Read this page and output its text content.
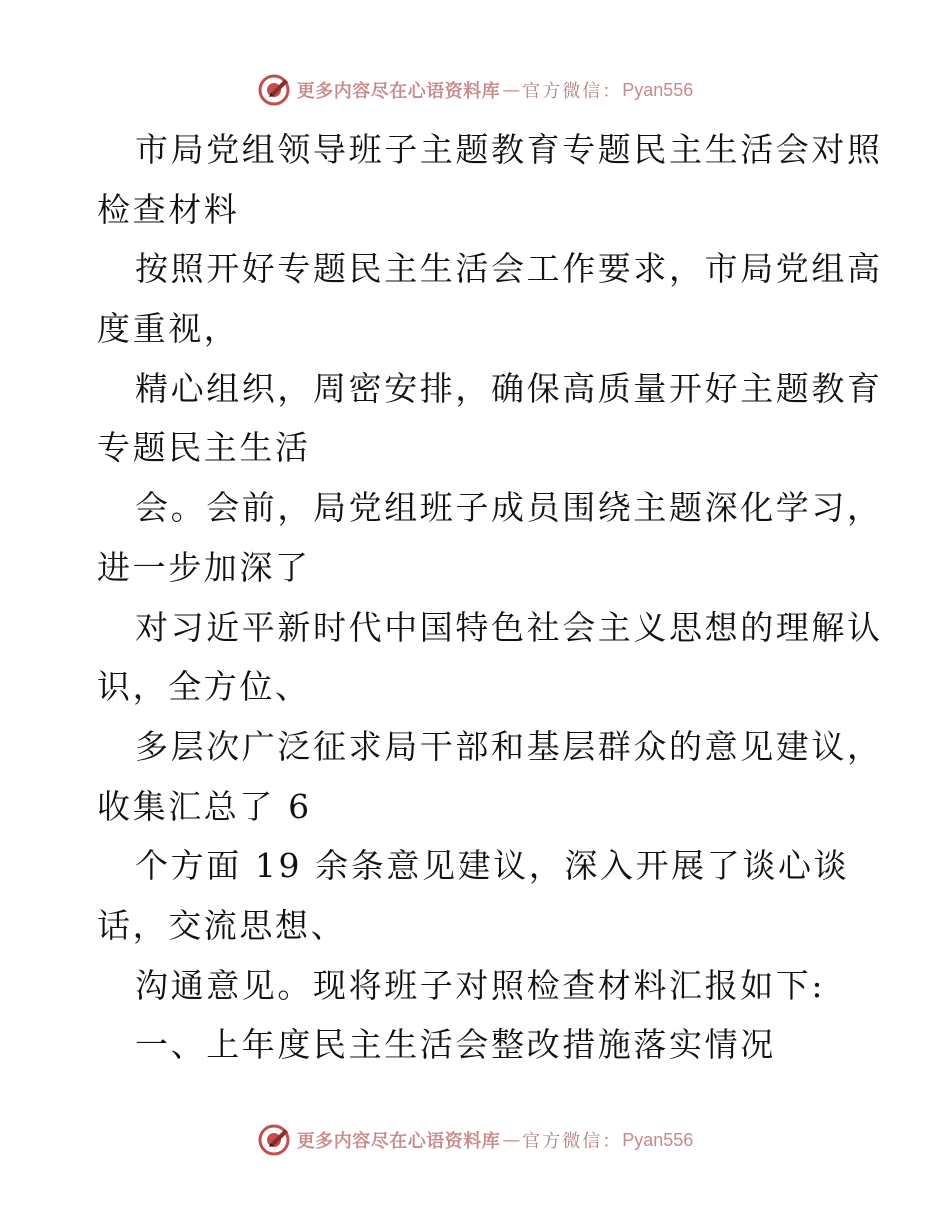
更多内容尽在心语资料库 — 官方微信： Pyan556
市局党组领导班子主题教育专题民主生活会对照
检查材料
按照开好专题民主生活会工作要求，市局党组高
度重视，
精心组织，周密安排，确保高质量开好主题教育
专题民主生活
会。会前，局党组班子成员围绕主题深化学习，
进一步加深了
对习近平新时代中国特色社会主义思想的理解认
识，全方位、
多层次广泛征求局干部和基层群众的意见建议，
收集汇总了 6
个方面 19 余条意见建议，深入开展了谈心谈
话，交流思想、
沟通意见。现将班子对照检查材料汇报如下:
一、上年度民主生活会整改措施落实情况
更多内容尽在心语资料库 — 官方微信： Pyan556
